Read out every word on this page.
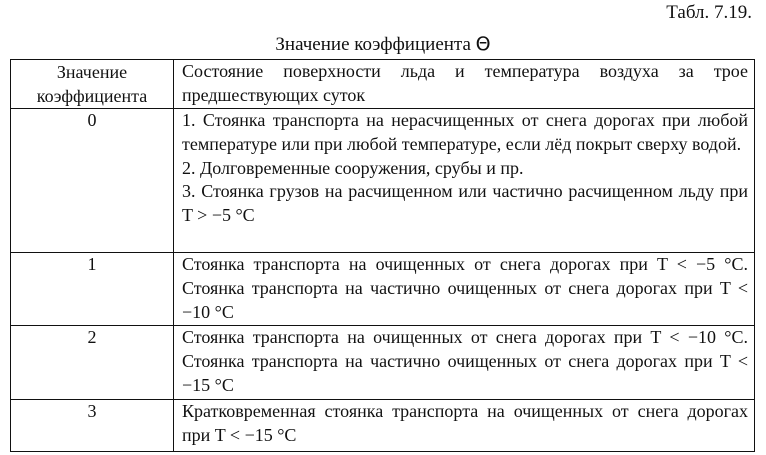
Табл. 7.19.
Значение коэффициента Θ
Значение
коэффициента	Состояние поверхности льда и температура воздуха за трое предшествующих суток
0	1. Стоянка транспорта на нерасчищенных от снега дорогах при любой температуре или при любой температуре, если лёд покрыт сверху водой.
2. Долговременные сооружения, срубы и пр.
3. Стоянка грузов на расчищенном или частично расчищенном льду при T > −5 °C

1	Стоянка транспорта на очищенных от снега дорогах при T < −5 °C. Стоянка транспорта на частично очищенных от снега дорогах при T < −10 °C
2	Стоянка транспорта на очищенных от снега дорогах при T < −10 °C. Стоянка транспорта на частично очищенных от снега дорогах при T < −15 °C
3	Кратковременная стоянка транспорта на очищенных от снега дорогах при T < −15 °C
